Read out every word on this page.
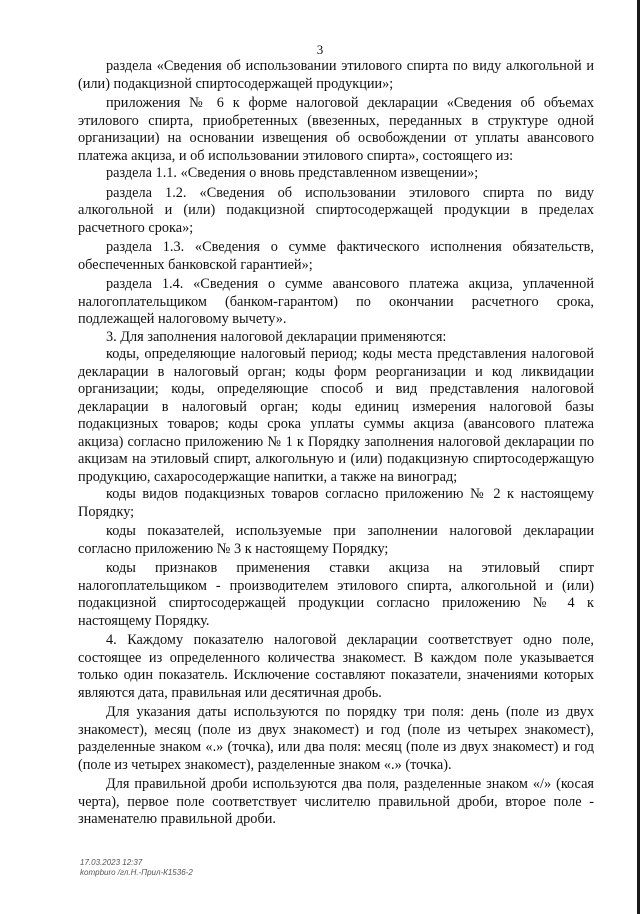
3

раздела «Сведения об использовании этилового спирта по виду алкогольной и (или) подакцизной спиртосодержащей продукции»;

приложения № 6 к форме налоговой декларации «Сведения об объемах этилового спирта, приобретенных (ввезенных, переданных в структуре одной организации) на основании извещения об освобождении от уплаты авансового платежа акциза, и об использовании этилового спирта», состоящего из:

раздела 1.1. «Сведения о вновь представленном извещении»;

раздела 1.2. «Сведения об использовании этилового спирта по виду алкогольной и (или) подакцизной спиртосодержащей продукции в пределах расчетного срока»;

раздела 1.3. «Сведения о сумме фактического исполнения обязательств, обеспеченных банковской гарантией»;

раздела 1.4. «Сведения о сумме авансового платежа акциза, уплаченной налогоплательщиком (банком-гарантом) по окончании расчетного срока, подлежащей налоговому вычету».

3. Для заполнения налоговой декларации применяются:

коды, определяющие налоговый период; коды места представления налоговой декларации в налоговый орган; коды форм реорганизации и код ликвидации организации; коды, определяющие способ и вид представления налоговой декларации в налоговый орган; коды единиц измерения налоговой базы подакцизных товаров; коды срока уплаты суммы акциза (авансового платежа акциза) согласно приложению № 1 к Порядку заполнения налоговой декларации по акцизам на этиловый спирт, алкогольную и (или) подакцизную спиртосодержащую продукцию, сахаросодержащие напитки, а также на виноград;

коды видов подакцизных товаров согласно приложению № 2 к настоящему Порядку;

коды показателей, используемые при заполнении налоговой декларации согласно приложению № 3 к настоящему Порядку;

коды признаков применения ставки акциза на этиловый спирт налогоплательщиком - производителем этилового спирта, алкогольной и (или) подакцизной спиртосодержащей продукции согласно приложению № 4 к настоящему Порядку.

4. Каждому показателю налоговой декларации соответствует одно поле, состоящее из определенного количества знакомест. В каждом поле указывается только один показатель. Исключение составляют показатели, значениями которых являются дата, правильная или десятичная дробь.

Для указания даты используются по порядку три поля: день (поле из двух знакомест), месяц (поле из двух знакомест) и год (поле из четырех знакомест), разделенные знаком «.» (точка), или два поля: месяц (поле из двух знакомест) и год (поле из четырех знакомест), разделенные знаком «.» (точка).

Для правильной дроби используются два поля, разделенные знаком «/» (косая черта), первое поле соответствует числителю правильной дроби, второе поле - знаменателю правильной дроби.

17.03.2023 12:37
kompburo /гл.Н.-Прил-К1536-2
